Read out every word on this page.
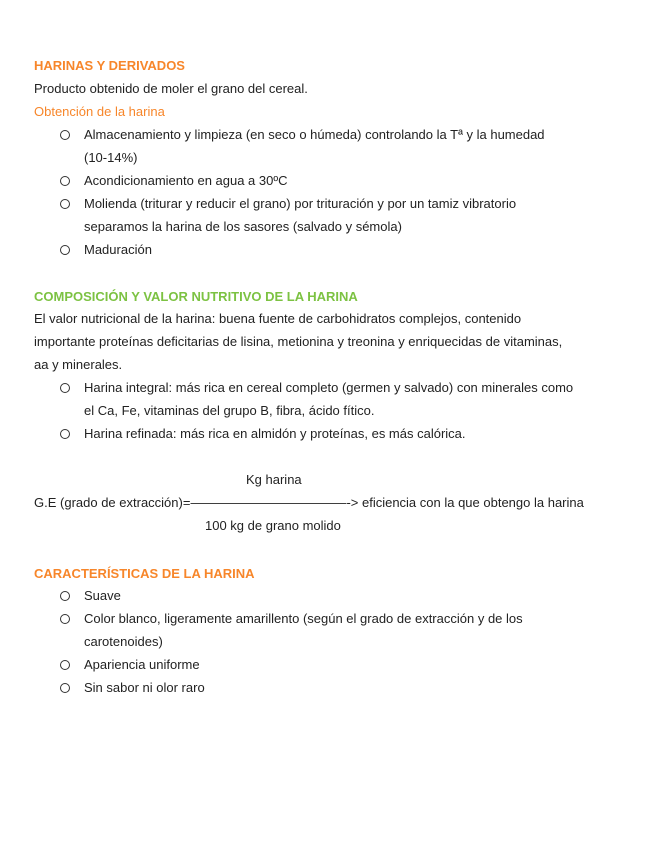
HARINAS Y DERIVADOS
Producto obtenido de moler el grano del cereal.
Obtención de la harina
Almacenamiento y limpieza (en seco o húmeda) controlando la Tª y la humedad
(10-14%)
Acondicionamiento en agua a 30ºC
Molienda (triturar y reducir el grano) por trituración y por un tamiz vibratorio
separamos la harina de los sasores (salvado y sémola)
Maduración
COMPOSICIÓN Y VALOR NUTRITIVO DE LA HARINA
El valor nutricional de la harina: buena fuente de carbohidratos complejos, contenido
importante proteínas deficitarias de lisina, metionina y treonina y enriquecidas de vitaminas,
aa y minerales.
Harina integral: más rica en cereal completo (germen y salvado) con minerales como
el Ca, Fe, vitaminas del grupo B, fibra, ácido fítico.
Harina refinada: más rica en almidón y proteínas, es más calórica.
Kg harina
G.E (grado de extracción)=————————————-> eficiencia con la que obtengo la harina
100 kg de grano molido
CARACTERÍSTICAS DE LA HARINA
Suave
Color blanco, ligeramente amarillento (según el grado de extracción y de los
carotenoides)
Apariencia uniforme
Sin sabor ni olor raro
